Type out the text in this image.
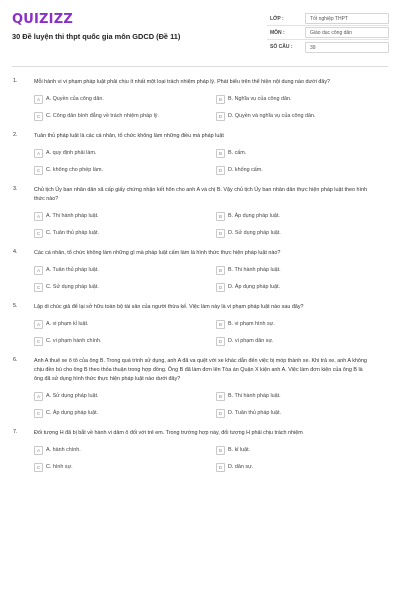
QUIZIZZ
30 Đề luyện thi thpt quốc gia môn GDCD (Đề 11)
LỚP :	Tốt nghiệp THPT
MÔN :	Giáo dục công dân
SỐ CÂU :	39
1.	Mỗi hành vi vi phạm pháp luật phải chịu ít nhất một loại trách nhiệm pháp lý. Phát biểu trên thể hiện nội dung nào dưới đây?
A	A. Quyền của công dân.	B	B. Nghĩa vụ của công dân.
C	C. Công dân bình đẳng về trách nhiệm pháp lý.	D	D. Quyền và nghĩa vụ của công dân.
2.	Tuân thủ pháp luật là các cá nhân, tổ chức không làm những điều mà pháp luật
A	A. quy định phải làm.	B	B. cấm.
C	C. không cho phép làm.	D	D. khống cấm.
3.	Chủ tịch Ủy ban nhân dân xã cấp giấy chứng nhận kết hôn cho anh A và chị B. Vậy chủ tịch Ủy ban nhân dân thực hiện pháp luật theo hình thức nào?
A	A. Thi hành pháp luật.	B	B. Áp dụng pháp luật.
C	C. Tuân thủ pháp luật.	D	D. Sử dụng pháp luật.
4.	Các cá nhân, tổ chức không làm những gì mà pháp luật cấm làm là hình thức thực hiện pháp luật nào?
A	A. Tuân thủ pháp luật.	B	B. Thi hành pháp luật.
C	C. Sử dụng pháp luật.	D	D. Áp dụng pháp luật.
5.	Lập di chúc giả để lại sở hữu toàn bộ tài sản của người thừa kế. Việc làm này là vi phạm pháp luật nào sau đây?
A	A. vi phạm kỉ luật.	B	B. vi phạm hình sự.
C	C. vi phạm hành chính.	D	D. vi phạm dân sự.
6.	Anh A thuê xe ô tô của ông B. Trong quá trình sử dụng, anh A đã va quệt với xe khác dẫn đến việc bị móp thành xe. Khi trả xe, anh A không chịu đền bù cho ông B theo thỏa thuận trong hợp đồng. Ông B đã làm đơn lên Tòa án Quận X kiện anh A. Việc làm đơn kiện của ông B là ông đã sử dụng hình thức thực hiện pháp luật nào dưới đây?
A	A. Sử dụng pháp luật.	B	B. Thi hành pháp luật.
C	C. Áp dụng pháp luật.	D	D. Tuân thủ pháp luật.
7.	Đối tượng H đã bị bắt về hành vi dâm ô đối với trẻ em. Trong trường hợp này, đối tượng H phải chịu trách nhiệm
A	A. hành chính.	B	B. kỉ luật.
C	C. hình sự.	D	D. dân sự.
